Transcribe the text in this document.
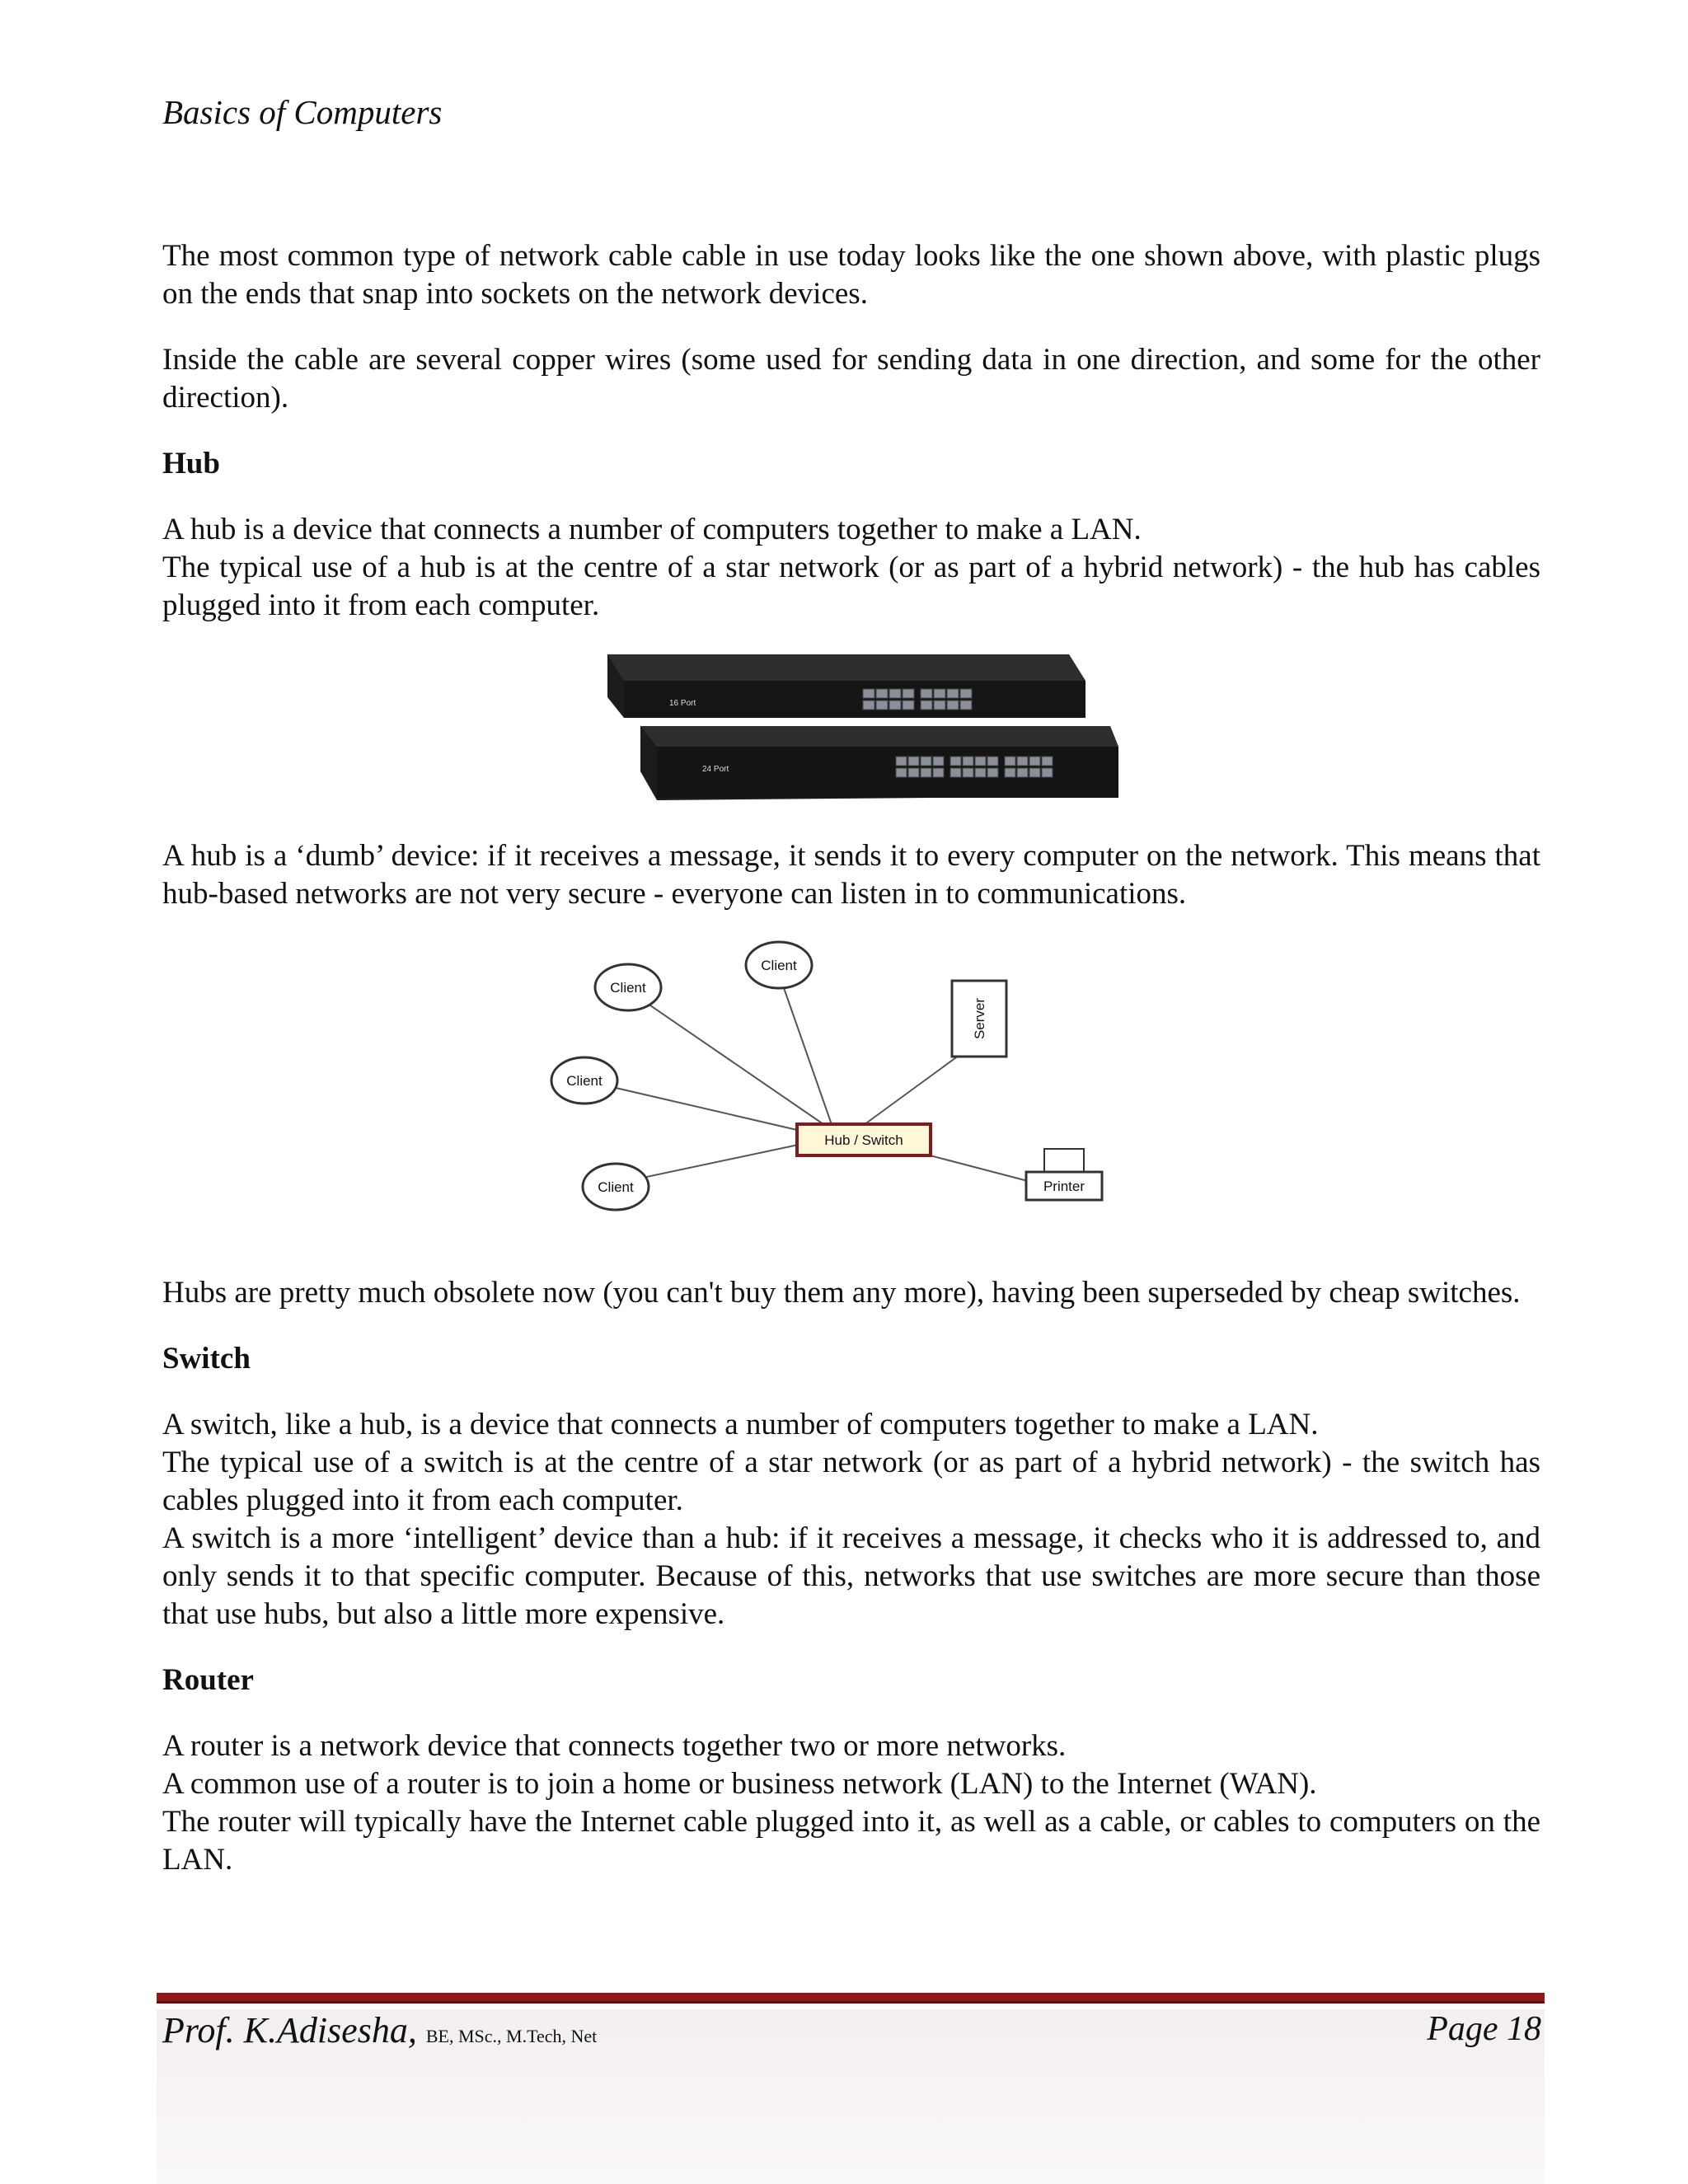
Basics of Computers

The most common type of network cable cable in use today looks like the one shown above, with plastic plugs on the ends that snap into sockets on the network devices.

Inside the cable are several copper wires (some used for sending data in one direction, and some for the other direction).

Hub

A hub is a device that connects a number of computers together to make a LAN.

The typical use of a hub is at the centre of a star network (or as part of a hybrid network) - the hub has cables plugged into it from each computer.

16 Port
24 Port

A hub is a ‘dumb’ device: if it receives a message, it sends it to every computer on the network. This means that hub-based networks are not very secure - everyone can listen in to communications.

Client
Client
Client
Client
Server
Printer
Hub / Switch

Hubs are pretty much obsolete now (you can't buy them any more), having been superseded by cheap switches.

Switch

A switch, like a hub, is a device that connects a number of computers together to make a LAN.

The typical use of a switch is at the centre of a star network (or as part of a hybrid network) - the switch has cables plugged into it from each computer.

A switch is a more ‘intelligent’ device than a hub: if it receives a message, it checks who it is addressed to, and only sends it to that specific computer. Because of this, networks that use switches are more secure than those that use hubs, but also a little more expensive.

Router

A router is a network device that connects together two or more networks.

A common use of a router is to join a home or business network (LAN) to the Internet (WAN).

The router will typically have the Internet cable plugged into it, as well as a cable, or cables to computers on the LAN.

Prof. K.Adisesha, BE, MSc., M.Tech, Net	Page 18
